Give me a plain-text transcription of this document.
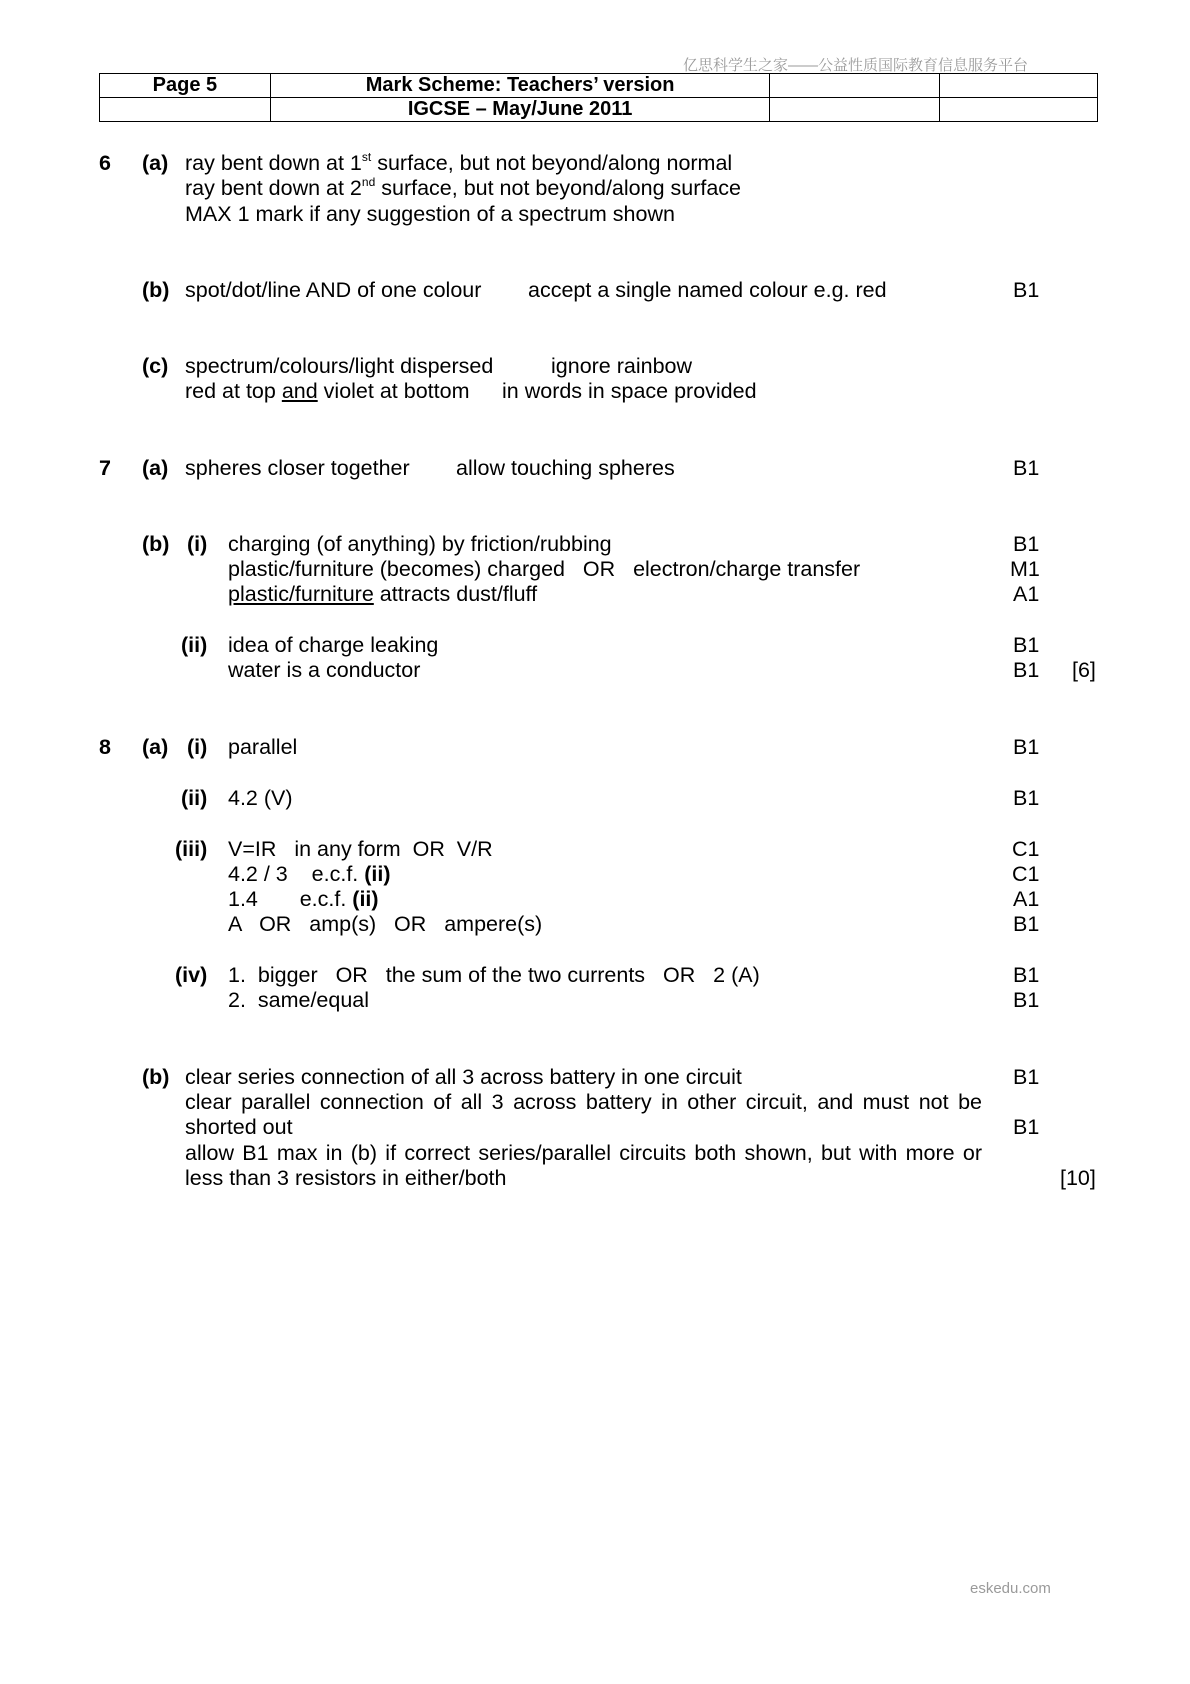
亿思科学生之家——公益性质国际教育信息服务平台
eskedu.com
Page 5	Mark Scheme: Teachers’ version		
	IGCSE – May/June 2011		
6 (a) ray bent down at 1st surface, but not beyond/along normal
ray bent down at 2nd surface, but not beyond/along surface
MAX 1 mark if any suggestion of a spectrum shown
(b) spot/dot/line AND of one colour accept a single named colour e.g. red	B1
(c) spectrum/colours/light dispersed	ignore rainbow
red at top and violet at bottom in words in space provided
7 (a) spheres closer together allow touching spheres	B1
(b) (i) charging (of anything) by friction/rubbing	B1
plastic/furniture (becomes) charged   OR   electron/charge transfer	M1
plastic/furniture attracts dust/fluff	A1
(ii) idea of charge leaking	B1
water is a conductor	B1 [6]
8 (a) (i) parallel	B1
(ii) 4.2 (V)	B1
(iii) V=IR   in any form  OR  V/R	C1
4.2 / 3    e.c.f. (ii)	C1
1.4       e.c.f. (ii)	A1
A   OR   amp(s)   OR   ampere(s)	B1
(iv) 1.  bigger   OR   the sum of the two currents   OR   2 (A)	B1
2.  same/equal	B1
(b) clear series connection of all 3 across battery in one circuit	B1
clear parallel connection of all 3 across battery in other circuit, and must not be
shorted out	B1
allow B1 max in (b) if correct series/parallel circuits both shown, but with more or
less than 3 resistors in either/both	[10]
